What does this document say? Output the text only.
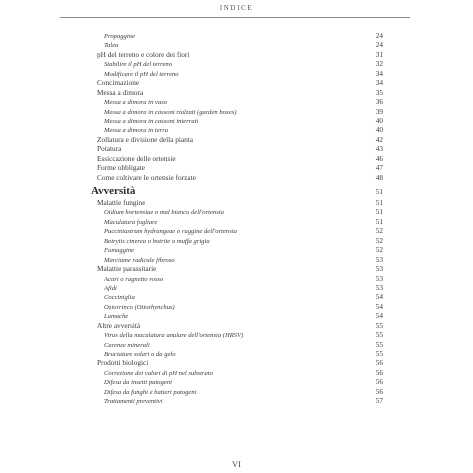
INDICE
Propaggine	24
Talea	24
pH del terreno e colore dei fiori	31
Stabilire il pH del terreno	32
Modificare il pH del terreno	34
Concimazione	34
Messa a dimora	35
Messa a dimora in vaso	36
Messa a dimora in cassoni rialzati (garden boxes)	39
Messa a dimora in cassoni interrati	40
Messa a dimora in terra	40
Zollatura e divisione della pianta	42
Potatura	43
Essiccazione delle ortensie	46
Forme obbligate	47
Come coltivare le ortensie forzate	48
Avversità	51
Malattie fungine	51
Oidium hortensiae o mal bianco dell'ortensia	51
Maculatura fogliare	51
Pucciniastrum hydrangeae o ruggine dell'ortensia	52
Botrytis cinerea o botrite o muffa grigia	52
Fumaggine	52
Marciume radicale fibroso	53
Malattie parassitarie	53
Acari o ragnetto rosso	53
Afidi	53
Cocciniglia	54
Oziorrinco (Otiorhynchus)	54
Lumache	54
Altre avversità	55
Virus della maculatura anulare dell'ortensia (HRSV)	55
Carenze minerali	55
Bruciature solari o da gelo	55
Prodotti biologici	56
Correzione dei valori di pH nel substrato	56
Difesa da insetti patogeni	56
Difesa da funghi e batteri patogeni	56
Trattamenti preventivi	57
VI
